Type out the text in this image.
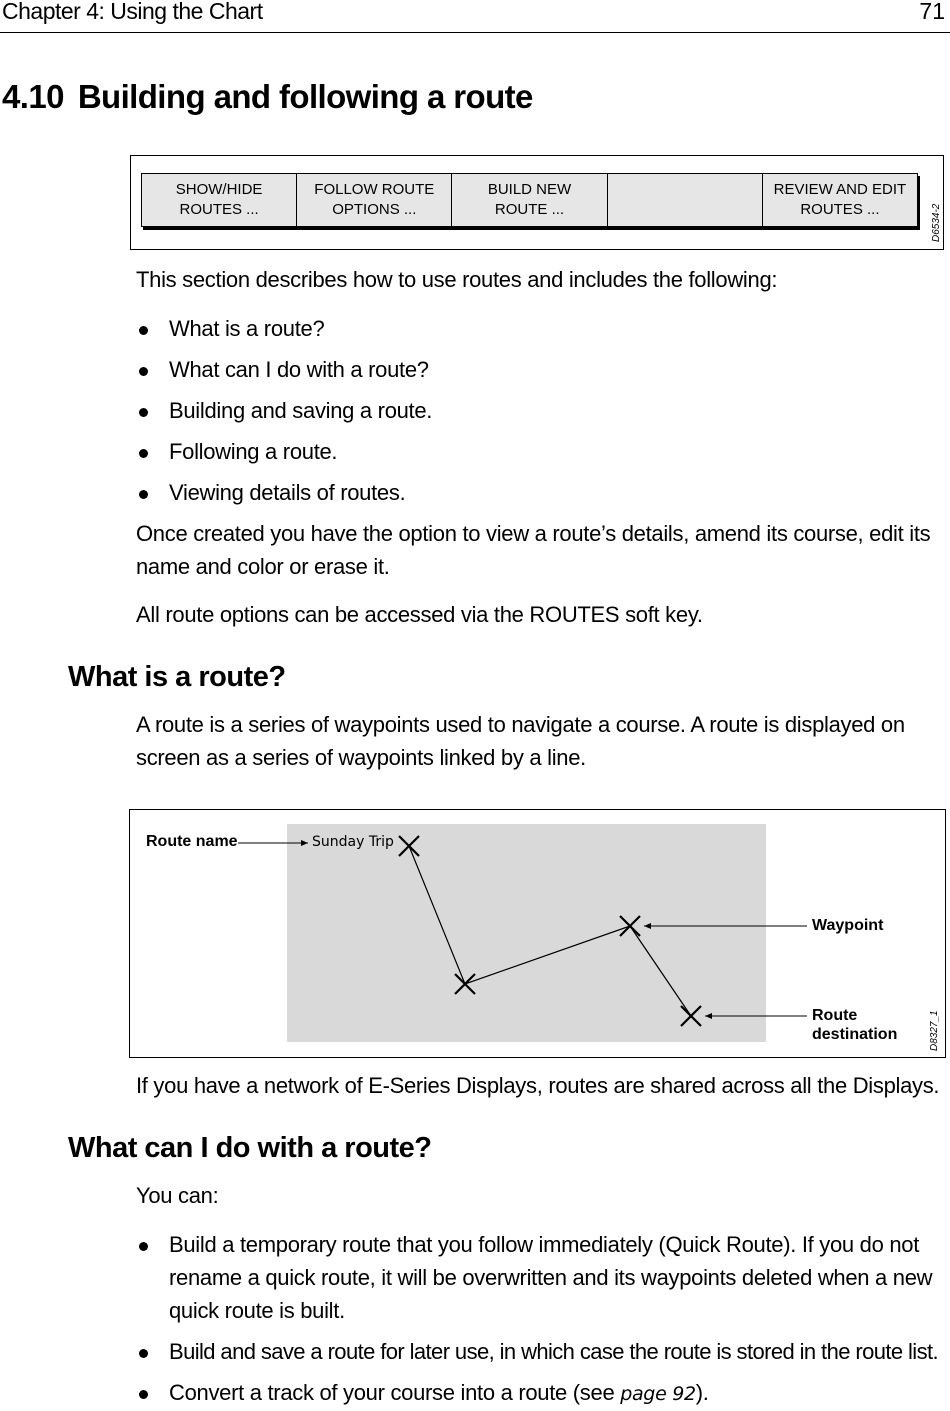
Chapter 4: Using the Chart	71
4.10 Building and following a route
SHOW/HIDE
ROUTES ...
FOLLOW ROUTE
OPTIONS ...
BUILD NEW
ROUTE ...
REVIEW AND EDIT
ROUTES ...	D6534-2

This section describes how to use routes and includes the following:

What is a route?
What can I do with a route?
Building and saving a route.
Following a route.
Viewing details of routes.

Once created you have the option to view a route’s details, amend its course, edit its name and color or erase it.

All route options can be accessed via the ROUTES soft key.

What is a route?

A route is a series of waypoints used to navigate a course. A route is displayed on screen as a series of waypoints linked by a line.

Route name	Sunday Trip
Waypoint
Route
destination	D8327_1

If you have a network of E-Series Displays, routes are shared across all the Displays.

What can I do with a route?

You can:

Build a temporary route that you follow immediately (Quick Route). If you do not rename a quick route, it will be overwritten and its waypoints deleted when a new quick route is built.
Build and save a route for later use, in which case the route is stored in the route list.
Convert a track of your course into a route (see page 92).
